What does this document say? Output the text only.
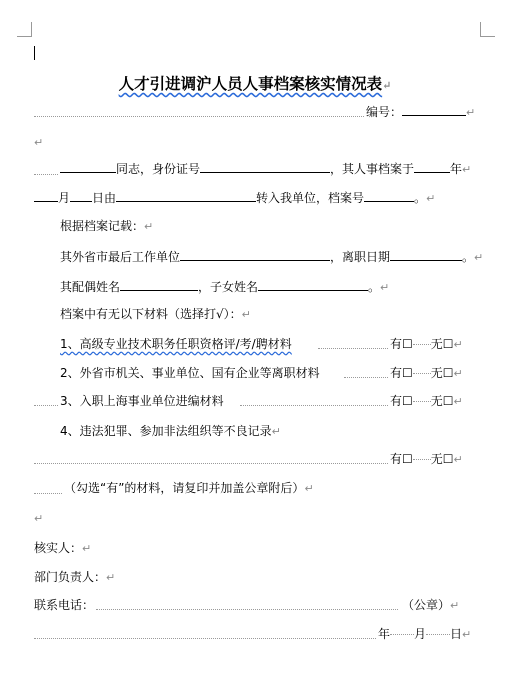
人才引进调沪人员人事档案核实情况表↵
编号：	↵
↵
同志，身份证号	，其人事档案于	年↵
月 日由	转入我单位，档案号	。↵
根据档案记载：↵
其外省市最后工作单位	，离职日期	。↵
其配偶姓名	，子女姓名	。↵
档案中有无以下材料（选择打√）：↵
1、高级专业技术职务任职资格评/考/聘材料	有☐ 无☐↵
2、外省市机关、事业单位、国有企业等离职材料	有☐ 无☐↵
3、入职上海事业单位进编材料	有☐ 无☐↵
4、违法犯罪、参加非法组织等不良记录↵
有☐ 无☐↵
（勾选“有”的材料，请复印并加盖公章附后）↵
↵
核实人：↵
部门负责人：↵
联系电话：	（公章）↵
年 月 日↵
